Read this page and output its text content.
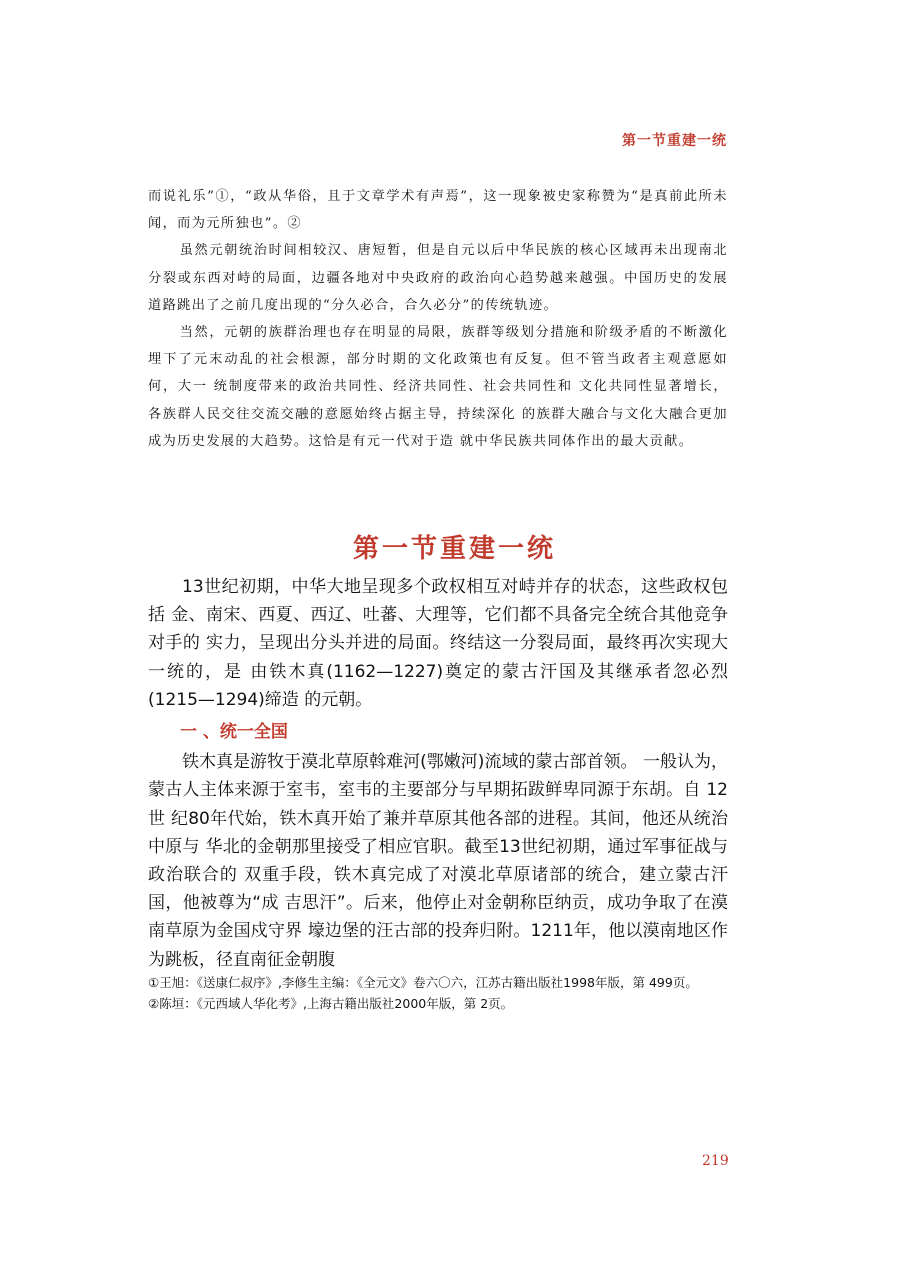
第一节重建一统

而说礼乐”①，“政从华俗，且于文章学术有声焉”，这一现象被史家称赞为“是真前此所未闻，而为元所独也”。②

虽然元朝统治时间相较汉、唐短暂，但是自元以后中华民族的核心区域再未出现南北分裂或东西对峙的局面，边疆各地对中央政府的政治向心趋势越来越强。中国历史的发展道路跳出了之前几度出现的“分久必合，合久必分”的传统轨迹。

当然，元朝的族群治理也存在明显的局限，族群等级划分措施和阶级矛盾的不断激化埋下了元末动乱的社会根源，部分时期的文化政策也有反复。但不管当政者主观意愿如何，大一 统制度带来的政治共同性、经济共同性、社会共同性和 文化共同性显著增长，各族群人民交往交流交融的意愿始终占据主导，持续深化 的族群大融合与文化大融合更加成为历史发展的大趋势。这恰是有元一代对于造 就中华民族共同体作出的最大贡献。

第一节重建一统

13世纪初期，中华大地呈现多个政权相互对峙并存的状态，这些政权包括 金、南宋、西夏、西辽、吐蕃、大理等，它们都不具备完全统合其他竞争对手的 实力，呈现出分头并进的局面。终结这一分裂局面，最终再次实现大一统的，是 由铁木真(1162—1227)奠定的蒙古汗国及其继承者忽必烈(1215—1294)缔造 的元朝。

一 、统一全国

铁木真是游牧于漠北草原斡难河(鄂嫩河)流域的蒙古部首领。 一般认为，蒙古人主体来源于室韦，室韦的主要部分与早期拓跋鲜卑同源于东胡。自 12 世 纪80年代始，铁木真开始了兼并草原其他各部的进程。其间，他还从统治中原与 华北的金朝那里接受了相应官职。截至13世纪初期，通过军事征战与政治联合的 双重手段，铁木真完成了对漠北草原诸部的统合，建立蒙古汗国，他被尊为“成 吉思汗”。后来，他停止对金朝称臣纳贡，成功争取了在漠南草原为金国戍守界 壕边堡的汪古部的投奔归附。1211年，他以漠南地区作为跳板，径直南征金朝腹

①王旭：《送康仁叔序》,李修生主编：《全元文》卷六〇六，江苏古籍出版社1998年版，第 499页。

②陈垣：《元西域人华化考》,上海古籍出版社2000年版，第 2页。

219
